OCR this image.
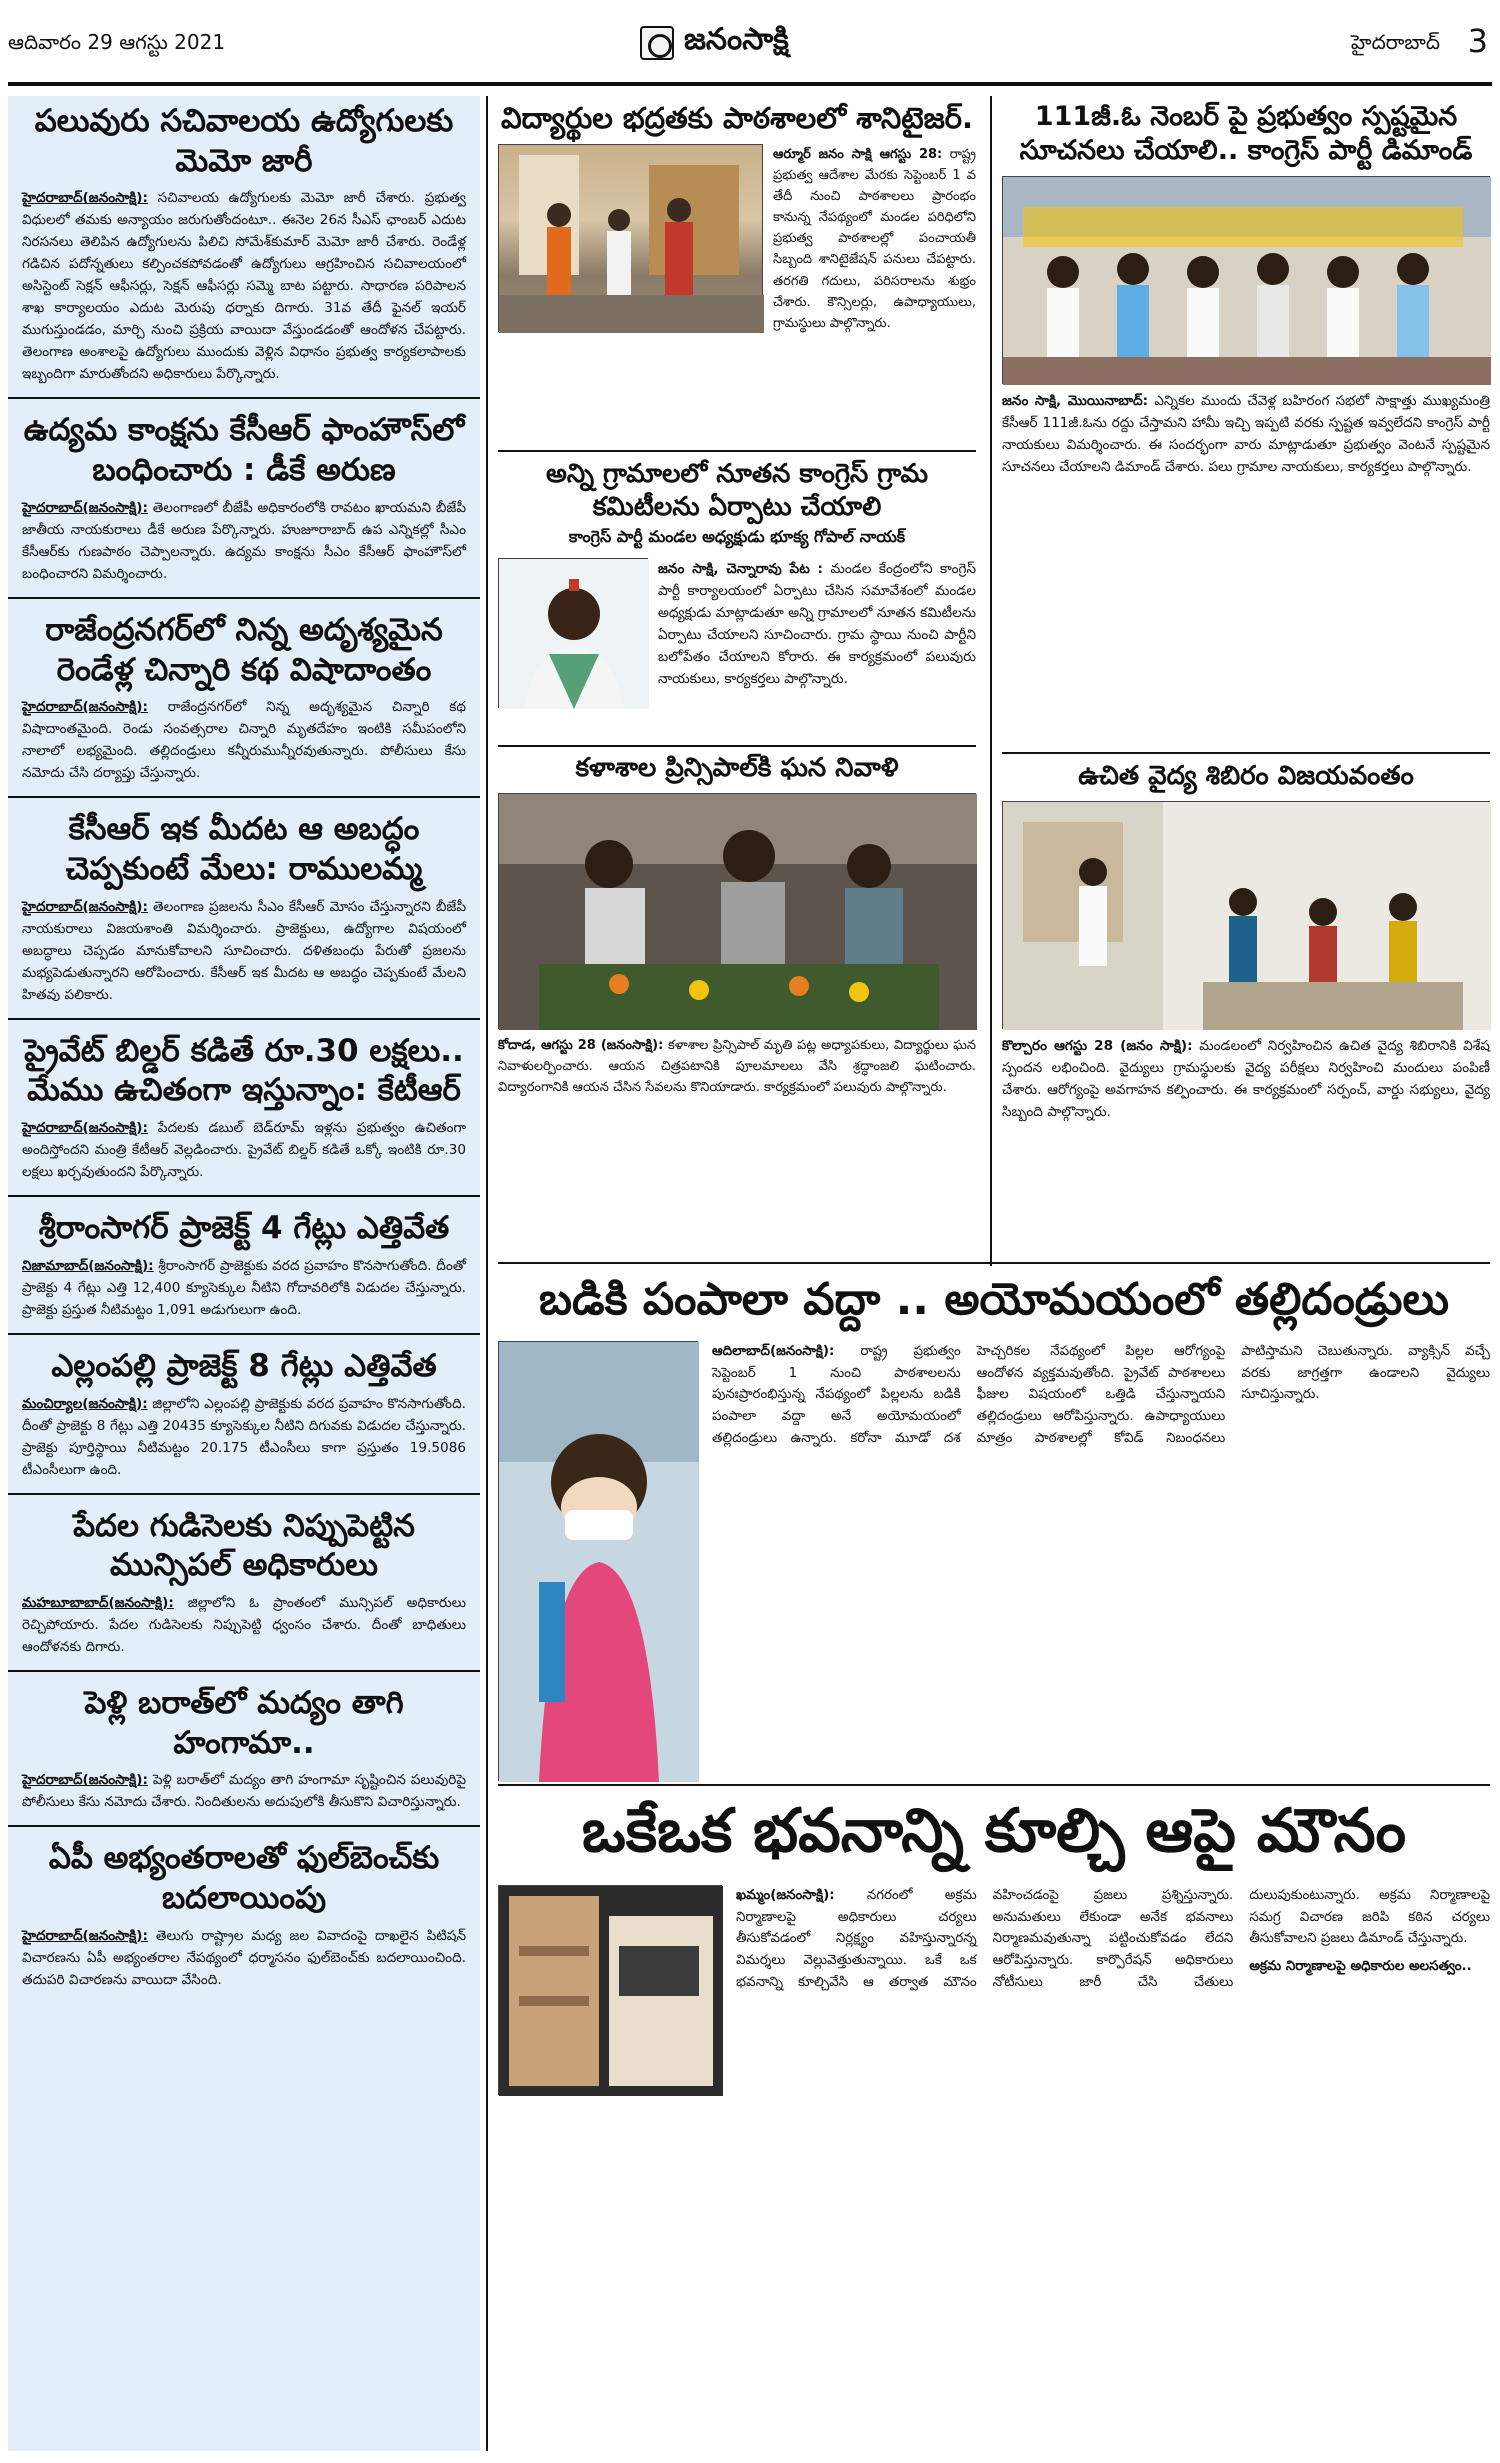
ఆదివారం 29 ఆగస్టు 2021	జనంసాక్షి	హైదరాబాద్ 3
పలువురు సచివాలయ ఉద్యోగులకు మెమో జారీ
హైదరాబాద్(జనంసాక్షి): సచివాలయ ఉద్యోగులకు మెమో జారీ చేశారు. ప్రభుత్వ విధులలో తమకు అన్యాయం జరుగుతోందంటూ.. ఈనెల 26న సీఎస్ ఛాంబర్ ఎదుట నిరసనలు తెలిపిన ఉద్యోగులను పిలిచి సోమేశ్‌కుమార్ మెమో జారీ చేశారు. రెండేళ్ల గడిచిన పదోన్నతులు కల్పించకపోవడంతో ఉద్యోగులు ఆగ్రహించిన సచివాలయంలో అసిస్టెంట్ సెక్షన్ ఆఫీసర్లు, సెక్షన్ ఆఫీసర్లు సమ్మె బాట పట్టారు. సాధారణ పరిపాలన శాఖ కార్యాలయం ఎదుట మెరుపు ధర్నాకు దిగారు. 31వ తేదీ ఫైనల్ ఇయర్ ముగుస్తుండడం, మార్చి నుంచి ప్రక్రియ వాయిదా వేస్తుండడంతో ఆందోళన చేపట్టారు. తెలంగాణ అంశాలపై ఉద్యోగులు ముందుకు వెళ్లిన విధానం ప్రభుత్వ కార్యకలాపాలకు ఇబ్బందిగా మారుతోందని అధికారులు పేర్కొన్నారు.
ఉద్యమ కాంక్షను కేసీఆర్ ఫాంహౌస్‌లో బంధించారు : డీకే అరుణ
హైదరాబాద్(జనంసాక్షి): తెలంగాణలో బీజేపీ అధికారంలోకి రావటం ఖాయమని బీజేపీ జాతీయ నాయకురాలు డీకే అరుణ పేర్కొన్నారు. హుజూరాబాద్ ఉప ఎన్నికల్లో సీఎం కేసీఆర్‌కు గుణపాఠం చెప్పాలన్నారు. ఉద్యమ కాంక్షను సీఎం కేసీఆర్ ఫాంహౌస్‌లో బంధించారని విమర్శించారు.
రాజేంద్రనగర్‌లో నిన్న అదృశ్యమైన రెండేళ్ల చిన్నారి కథ విషాదాంతం
హైదరాబాద్(జనంసాక్షి): రాజేంద్రనగర్‌లో నిన్న అదృశ్యమైన చిన్నారి కథ విషాదాంతమైంది. రెండు సంవత్సరాల చిన్నారి మృతదేహం ఇంటికి సమీపంలోని నాలాలో లభ్యమైంది. తల్లిదండ్రులు కన్నీరుమున్నీరవుతున్నారు. పోలీసులు కేసు నమోదు చేసి దర్యాప్తు చేస్తున్నారు.
కేసీఆర్ ఇక మీదట ఆ అబద్ధం చెప్పకుంటే మేలు: రాములమ్మ
హైదరాబాద్(జనంసాక్షి): తెలంగాణ ప్రజలను సీఎం కేసీఆర్ మోసం చేస్తున్నారని బీజేపీ నాయకురాలు విజయశాంతి విమర్శించారు. ప్రాజెక్టులు, ఉద్యోగాల విషయంలో అబద్ధాలు చెప్పడం మానుకోవాలని సూచించారు. దళితబంధు పేరుతో ప్రజలను మభ్యపెడుతున్నారని ఆరోపించారు. కేసీఆర్ ఇక మీదట ఆ అబద్ధం చెప్పకుంటే మేలని హితవు పలికారు.
ప్రైవేట్ బిల్డర్ కడితే రూ.30 లక్షలు.. మేము ఉచితంగా ఇస్తున్నాం: కేటీఆర్
హైదరాబాద్(జనంసాక్షి): పేదలకు డబుల్ బెడ్‌రూమ్ ఇళ్లను ప్రభుత్వం ఉచితంగా అందిస్తోందని మంత్రి కేటీఆర్ వెల్లడించారు. ప్రైవేట్ బిల్డర్ కడితే ఒక్కో ఇంటికి రూ.30 లక్షలు ఖర్చవుతుందని పేర్కొన్నారు.
శ్రీరాంసాగర్ ప్రాజెక్ట్ 4 గేట్లు ఎత్తివేత
నిజామాబాద్(జనంసాక్షి): శ్రీరాంసాగర్ ప్రాజెక్టుకు వరద ప్రవాహం కొనసాగుతోంది. దీంతో ప్రాజెక్టు 4 గేట్లు ఎత్తి 12,400 క్యూసెక్కుల నీటిని గోదావరిలోకి విడుదల చేస్తున్నారు. ప్రాజెక్టు ప్రస్తుత నీటిమట్టం 1,091 అడుగులుగా ఉంది.
ఎల్లంపల్లి ప్రాజెక్ట్ 8 గేట్లు ఎత్తివేత
మంచిర్యాల(జనంసాక్షి): జిల్లాలోని ఎల్లంపల్లి ప్రాజెక్టుకు వరద ప్రవాహం కొనసాగుతోంది. దీంతో ప్రాజెక్టు 8 గేట్లు ఎత్తి 20435 క్యూసెక్కుల నీటిని దిగువకు విడుదల చేస్తున్నారు. ప్రాజెక్టు పూర్తిస్థాయి నీటిమట్టం 20.175 టీఎంసీలు కాగా ప్రస్తుతం 19.5086 టీఎంసీలుగా ఉంది.
పేదల గుడిసెలకు నిప్పుపెట్టిన మున్సిపల్ అధికారులు
మహబూబాబాద్(జనంసాక్షి): జిల్లాలోని ఓ ప్రాంతంలో మున్సిపల్ అధికారులు రెచ్చిపోయారు. పేదల గుడిసెలకు నిప్పుపెట్టి ధ్వంసం చేశారు. దీంతో బాధితులు ఆందోళనకు దిగారు.
పెళ్లి బరాత్‌లో మద్యం తాగి హంగామా..
హైదరాబాద్(జనంసాక్షి): పెళ్లి బరాత్‌లో మద్యం తాగి హంగామా సృష్టించిన పలువురిపై పోలీసులు కేసు నమోదు చేశారు. నిందితులను అదుపులోకి తీసుకొని విచారిస్తున్నారు.
ఏపీ అభ్యంతరాలతో ఫుల్‌బెంచ్‌కు బదలాయింపు
హైదరాబాద్(జనంసాక్షి): తెలుగు రాష్ట్రాల మధ్య జల వివాదంపై దాఖలైన పిటిషన్ విచారణను ఏపీ అభ్యంతరాల నేపథ్యంలో ధర్మాసనం ఫుల్‌బెంచ్‌కు బదలాయించింది. తదుపరి విచారణను వాయిదా వేసింది.
విద్యార్థుల భద్రతకు పాఠశాలలో శానిటైజర్.
ఆర్మూర్ జనం సాక్షి ఆగస్టు 28: రాష్ట్ర ప్రభుత్వ ఆదేశాల మేరకు సెప్టెంబర్ 1 వ తేదీ నుంచి పాఠశాలలు ప్రారంభం కానున్న నేపథ్యంలో మండల పరిధిలోని ప్రభుత్వ పాఠశాలల్లో పంచాయతీ సిబ్బంది శానిటైజేషన్ పనులు చేపట్టారు. తరగతి గదులు, పరిసరాలను శుభ్రం చేశారు. కౌన్సిలర్లు, ఉపాధ్యాయులు, గ్రామస్థులు పాల్గొన్నారు.
అన్ని గ్రామాలలో నూతన కాంగ్రెస్ గ్రామ కమిటీలను ఏర్పాటు చేయాలి
కాంగ్రెస్ పార్టీ మండల అధ్యక్షుడు భూక్య గోపాల్ నాయక్
జనం సాక్షి, చెన్నారావు పేట : మండల కేంద్రంలోని కాంగ్రెస్ పార్టీ కార్యాలయంలో ఏర్పాటు చేసిన సమావేశంలో మండల అధ్యక్షుడు మాట్లాడుతూ అన్ని గ్రామాలలో నూతన కమిటీలను ఏర్పాటు చేయాలని సూచించారు. గ్రామ స్థాయి నుంచి పార్టీని బలోపేతం చేయాలని కోరారు. ఈ కార్యక్రమంలో పలువురు నాయకులు, కార్యకర్తలు పాల్గొన్నారు.
కళాశాల ప్రిన్సిపాల్‌కి ఘన నివాళి
కోదాడ, ఆగస్టు 28 (జనంసాక్షి): కళాశాల ప్రిన్సిపాల్ మృతి పట్ల అధ్యాపకులు, విద్యార్థులు ఘన నివాళులర్పించారు. ఆయన చిత్రపటానికి పూలమాలలు వేసి శ్రద్ధాంజలి ఘటించారు. విద్యారంగానికి ఆయన చేసిన సేవలను కొనియాడారు. కార్యక్రమంలో పలువురు పాల్గొన్నారు.
111జీ.ఓ నెంబర్ పై ప్రభుత్వం స్పష్టమైన సూచనలు చేయాలి.. కాంగ్రెస్ పార్టీ డిమాండ్
జనం సాక్షి, మొయినాబాద్: ఎన్నికల ముందు చేవెళ్ల బహిరంగ సభలో సాక్షాత్తు ముఖ్యమంత్రి కేసీఆర్ 111జీ.ఓను రద్దు చేస్తామని హామీ ఇచ్చి ఇప్పటి వరకు స్పష్టత ఇవ్వలేదని కాంగ్రెస్ పార్టీ నాయకులు విమర్శించారు. ఈ సందర్భంగా వారు మాట్లాడుతూ ప్రభుత్వం వెంటనే స్పష్టమైన సూచనలు చేయాలని డిమాండ్ చేశారు. పలు గ్రామాల నాయకులు, కార్యకర్తలు పాల్గొన్నారు.
ఉచిత వైద్య శిబిరం విజయవంతం
కొల్చారం ఆగస్టు 28 (జనం సాక్షి): మండలంలో నిర్వహించిన ఉచిత వైద్య శిబిరానికి విశేష స్పందన లభించింది. వైద్యులు గ్రామస్థులకు వైద్య పరీక్షలు నిర్వహించి మందులు పంపిణీ చేశారు. ఆరోగ్యంపై అవగాహన కల్పించారు. ఈ కార్యక్రమంలో సర్పంచ్, వార్డు సభ్యులు, వైద్య సిబ్బంది పాల్గొన్నారు.
బడికి పంపాలా వద్దా .. అయోమయంలో తల్లిదండ్రులు
ఆదిలాబాద్(జనంసాక్షి): రాష్ట్ర ప్రభుత్వం సెప్టెంబర్ 1 నుంచి పాఠశాలలను పునఃప్రారంభిస్తున్న నేపథ్యంలో పిల్లలను బడికి పంపాలా వద్దా అనే అయోమయంలో తల్లిదండ్రులు ఉన్నారు. కరోనా మూడో దశ హెచ్చరికల నేపథ్యంలో పిల్లల ఆరోగ్యంపై ఆందోళన వ్యక్తమవుతోంది. ప్రైవేట్ పాఠశాలలు ఫీజుల విషయంలో ఒత్తిడి చేస్తున్నాయని తల్లిదండ్రులు ఆరోపిస్తున్నారు. ఉపాధ్యాయులు మాత్రం పాఠశాలల్లో కోవిడ్ నిబంధనలు పాటిస్తామని చెబుతున్నారు. వ్యాక్సిన్ వచ్చే వరకు జాగ్రత్తగా ఉండాలని వైద్యులు సూచిస్తున్నారు.
ఒకేఒక భవనాన్ని కూల్చి ఆపై మౌనం
ఖమ్మం(జనంసాక్షి): నగరంలో అక్రమ నిర్మాణాలపై అధికారులు చర్యలు తీసుకోవడంలో నిర్లక్ష్యం వహిస్తున్నారన్న విమర్శలు వెల్లువెత్తుతున్నాయి. ఒకే ఒక భవనాన్ని కూల్చివేసి ఆ తర్వాత మౌనం వహించడంపై ప్రజలు ప్రశ్నిస్తున్నారు. అనుమతులు లేకుండా అనేక భవనాలు నిర్మాణమవుతున్నా పట్టించుకోవడం లేదని ఆరోపిస్తున్నారు. కార్పొరేషన్ అధికారులు నోటీసులు జారీ చేసి చేతులు దులుపుకుంటున్నారు. అక్రమ నిర్మాణాలపై సమగ్ర విచారణ జరిపి కఠిన చర్యలు తీసుకోవాలని ప్రజలు డిమాండ్ చేస్తున్నారు.
అక్రమ నిర్మాణాలపై అధికారుల అలసత్వం..
